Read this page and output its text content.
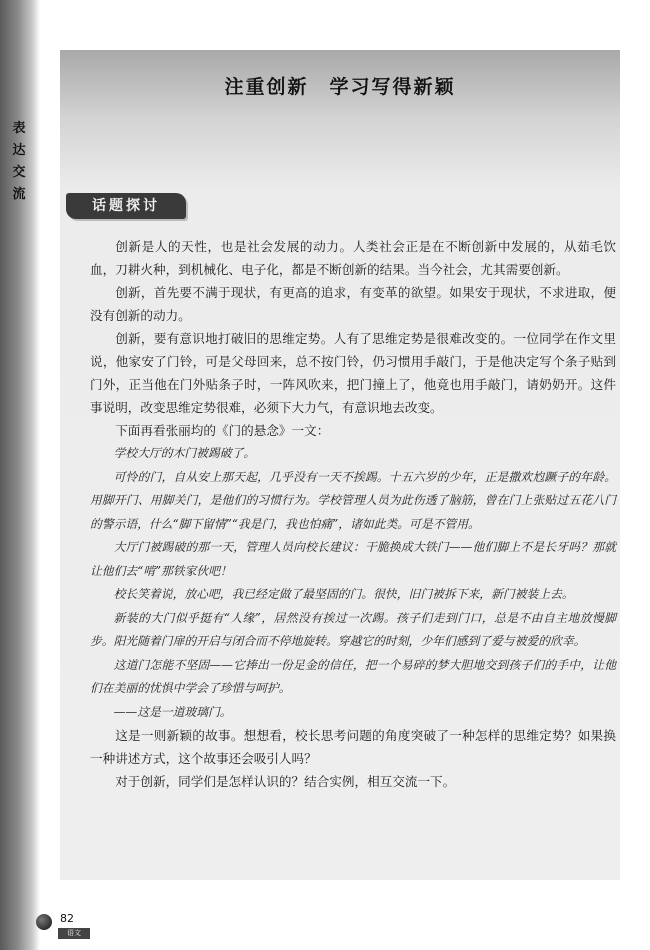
表达交流
注重创新　学习写得新颖
话题探讨

创新是人的天性，也是社会发展的动力。人类社会正是在不断创新中发展的，从茹毛饮血，刀耕火种，到机械化、电子化，都是不断创新的结果。当今社会，尤其需要创新。

创新，首先要不满于现状，有更高的追求，有变革的欲望。如果安于现状，不求进取，便没有创新的动力。

创新，要有意识地打破旧的思维定势。人有了思维定势是很难改变的。一位同学在作文里说，他家安了门铃，可是父母回来，总不按门铃，仍习惯用手敲门，于是他决定写个条子贴到门外，正当他在门外贴条子时，一阵风吹来，把门撞上了，他竟也用手敲门，请奶奶开。这件事说明，改变思维定势很难，必须下大力气，有意识地去改变。

下面再看张丽均的《门的悬念》一文：

学校大厅的木门被踢破了。

可怜的门，自从安上那天起，几乎没有一天不挨踢。十五六岁的少年，正是撒欢尥蹶子的年龄。用脚开门、用脚关门，是他们的习惯行为。学校管理人员为此伤透了脑筋，曾在门上张贴过五花八门的警示语，什么“脚下留情”“我是门，我也怕痛”，诸如此类。可是不管用。

大厅门被踢破的那一天，管理人员向校长建议：干脆换成大铁门——他们脚上不是长牙吗？那就让他们去“啃”那铁家伙吧！

校长笑着说，放心吧，我已经定做了最坚固的门。很快，旧门被拆下来，新门被装上去。

新装的大门似乎挺有“人缘”，居然没有挨过一次踢。孩子们走到门口，总是不由自主地放慢脚步。阳光随着门扉的开启与闭合而不停地旋转。穿越它的时刻，少年们感到了爱与被爱的欣幸。

这道门怎能不坚固——它捧出一份足金的信任，把一个易碎的梦大胆地交到孩子们的手中，让他们在美丽的忧惧中学会了珍惜与呵护。

——这是一道玻璃门。

这是一则新颖的故事。想想看，校长思考问题的角度突破了一种怎样的思维定势？如果换一种讲述方式，这个故事还会吸引人吗？

对于创新，同学们是怎样认识的？结合实例，相互交流一下。

82
语文
